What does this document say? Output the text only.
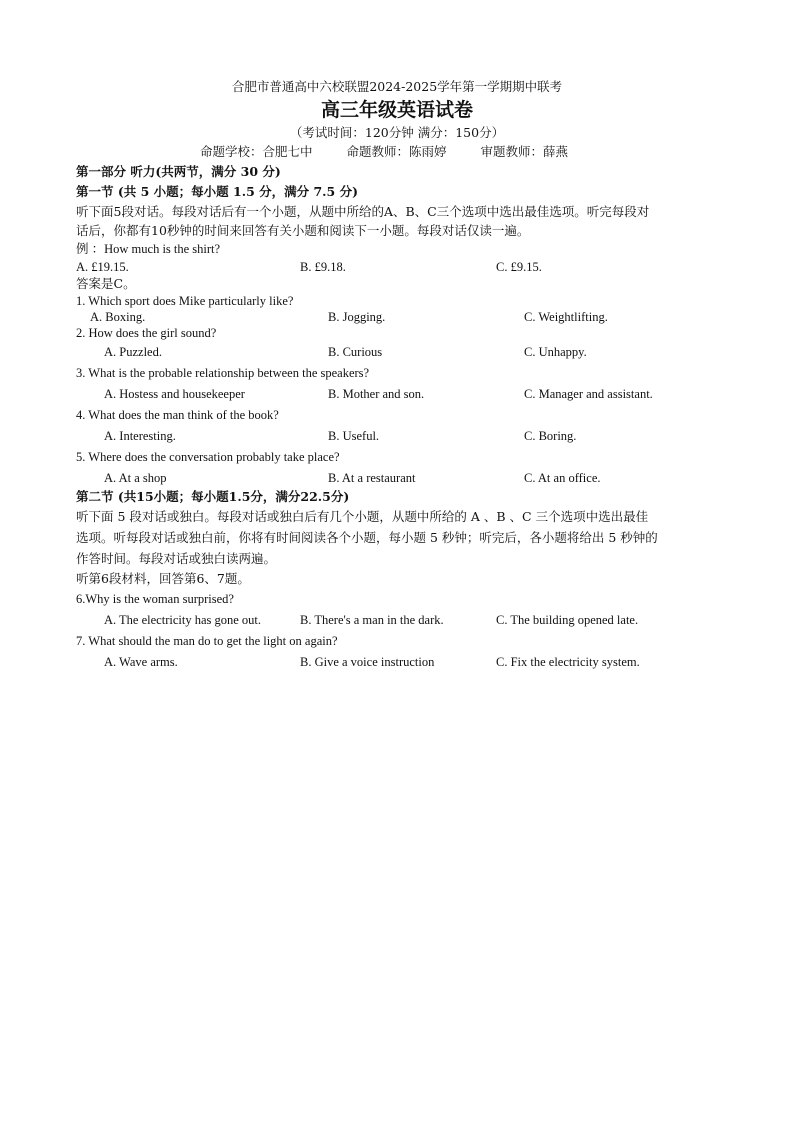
合肥市普通高中六校联盟2024-2025学年第一学期期中联考
高三年级英语试卷
（考试时间：120分钟 满分：150分）
命题学校：合肥七中	命题教师：陈雨婷	审题教师：薛燕
第一部分 听力(共两节，满分 30 分)
第一节 (共 5 小题；每小题 1.5 分，满分 7.5 分)
听下面5段对话。每段对话后有一个小题，从题中所给的A、B、C三个选项中选出最佳选项。听完每段对
话后，你都有10秒钟的时间来回答有关小题和阅读下一小题。每段对话仅读一遍。
例 ：How much is the shirt?
A. £19.15.	B. £9.18.	C. £9.15.
答案是C。
1. Which sport does Mike particularly like?
A. Boxing.	B. Jogging.	C. Weightlifting.
2. How does the girl sound?
A. Puzzled.	B. Curious	C. Unhappy.
3. What is the probable relationship between the speakers?
A. Hostess and housekeeper	B. Mother and son.	C. Manager and assistant.
4. What does the man think of the book?
A. Interesting.	B. Useful.	C. Boring.
5. Where does the conversation probably take place?
A. At a shop	B. At a restaurant	C. At an office.
第二节 (共15小题；每小题1.5分，满分22.5分)
听下面 5 段对话或独白。每段对话或独白后有几个小题，从题中所给的 A 、B 、C 三个选项中选出最佳
选项。听每段对话或独白前，你将有时间阅读各个小题，每小题 5 秒钟；听完后，各小题将给出 5 秒钟的
作答时间。每段对话或独白读两遍。
听第6段材料，回答第6、7题。
6.Why is the woman surprised?
A. The electricity has gone out.	B. There's a man in the dark.	C. The building opened late.
7. What should the man do to get the light on again?
A. Wave arms.	B. Give a voice instruction	C. Fix the electricity system.
